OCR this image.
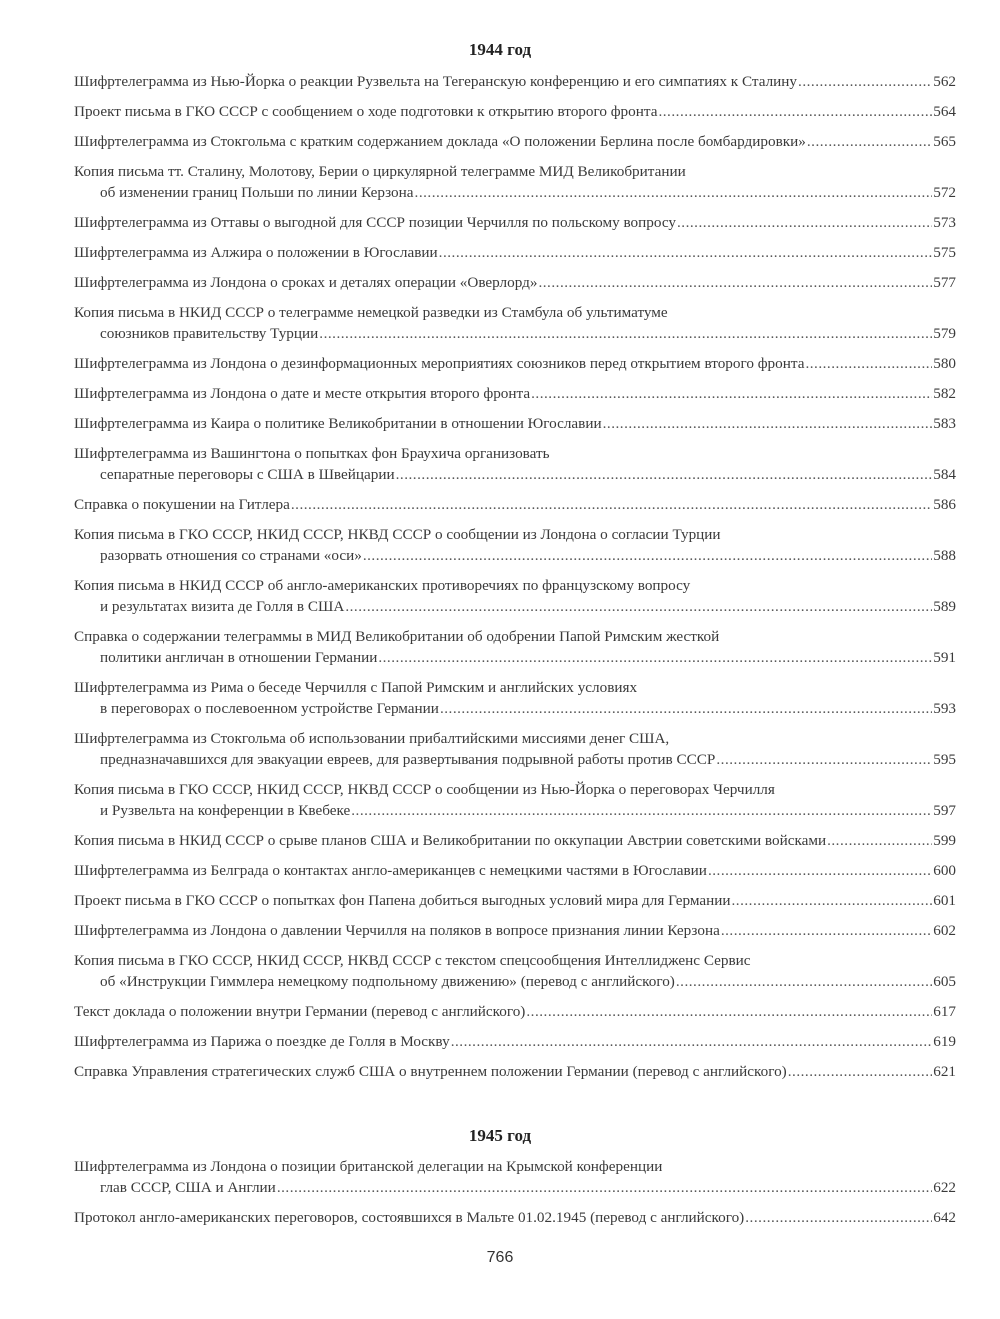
1944 год
Шифртелеграмма из Нью-Йорка о реакции Рузвельта на Тегеранскую конференцию и его симпатиях к Сталину .....	562
Проект письма в ГКО СССР с сообщением о ходе подготовки к открытию второго фронта .....	564
Шифртелеграмма из Стокгольма с кратким содержанием доклада «О положении Берлина после бомбардировки» .....	565
Копия письма тт. Сталину, Молотову, Берии о циркулярной телеграмме МИД Великобритании
об изменении границ Польши по линии Керзона .....	572
Шифртелеграмма из Оттавы о выгодной для СССР позиции Черчилля по польскому вопросу .....	573
Шифртелеграмма из Алжира о положении в Югославии .....	575
Шифртелеграмма из Лондона о сроках и деталях операции «Оверлорд» .....	577
Копия письма в НКИД СССР о телеграмме немецкой разведки из Стамбула об ультиматуме
союзников правительству Турции .....	579
Шифртелеграмма из Лондона о дезинформационных мероприятиях союзников перед открытием второго фронта .....	580
Шифртелеграмма из Лондона о дате и месте открытия второго фронта .....	582
Шифртелеграмма из Каира о политике Великобритании в отношении Югославии .....	583
Шифртелеграмма из Вашингтона о попытках фон Браухича организовать
сепаратные переговоры с США в Швейцарии .....	584
Справка о покушении на Гитлера .....	586
Копия письма в ГКО СССР, НКИД СССР, НКВД СССР о сообщении из Лондона о согласии Турции
разорвать отношения со странами «оси» .....	588
Копия письма в НКИД СССР об англо-американских противоречиях по французскому вопросу
и результатах визита де Голля в США .....	589
Справка о содержании телеграммы в МИД Великобритании об одобрении Папой Римским жесткой
политики англичан в отношении Германии .....	591
Шифртелеграмма из Рима о беседе Черчилля с Папой Римским и английских условиях
в переговорах о послевоенном устройстве Германии .....	593
Шифртелеграмма из Стокгольма об использовании прибалтийскими миссиями денег США,
предназначавшихся для эвакуации евреев, для развертывания подрывной работы против СССР .....	595
Копия письма в ГКО СССР, НКИД СССР, НКВД СССР о сообщении из Нью-Йорка о переговорах Черчилля
и Рузвельта на конференции в Квебеке .....	597
Копия письма в НКИД СССР о срыве планов США и Великобритании по оккупации Австрии советскими войсками .....	599
Шифртелеграмма из Белграда о контактах англо-американцев с немецкими частями в Югославии .....	600
Проект письма в ГКО СССР о попытках фон Папена добиться выгодных условий мира для Германии .....	601
Шифртелеграмма из Лондона о давлении Черчилля на поляков в вопросе признания линии Керзона .....	602
Копия письма в ГКО СССР, НКИД СССР, НКВД СССР с текстом спецсообщения Интеллидженс Сервис
об «Инструкции Гиммлера немецкому подпольному движению» (перевод с английского) .....	605
Текст доклада о положении внутри Германии (перевод с английского) .....	617
Шифртелеграмма из Парижа о поездке де Голля в Москву .....	619
Справка Управления стратегических служб США о внутреннем положении Германии (перевод с английского) .....	621
1945 год
Шифртелеграмма из Лондона о позиции британской делегации на Крымской конференции
глав СССР, США и Англии .....	622
Протокол англо-американских переговоров, состоявшихся в Мальте 01.02.1945 (перевод с английского) .....	642
766
